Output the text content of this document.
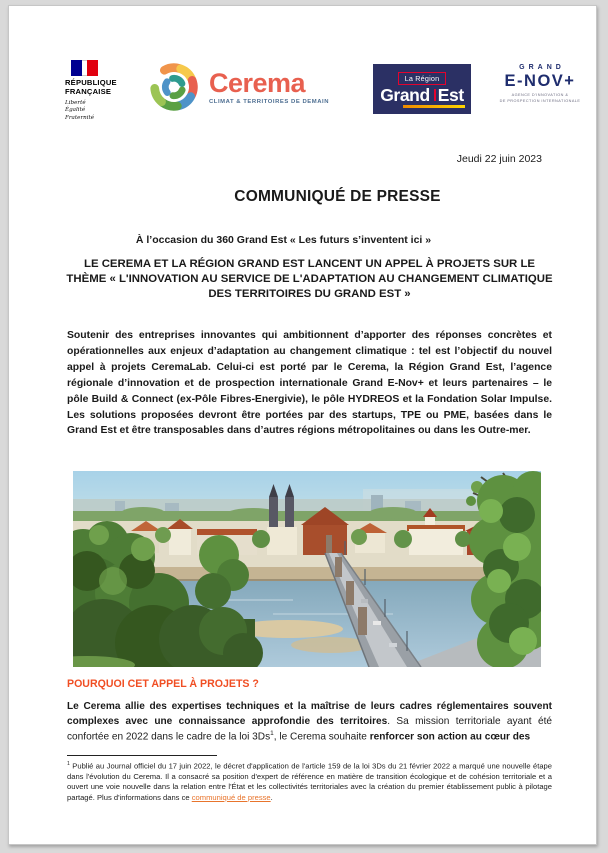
RÉPUBLIQUE
FRANÇAISE
Liberté
Égalité
Fraternité
Cerema
CLIMAT & TERRITOIRES DE DEMAIN
La Région
Grand Est
GRAND
E-NOV+
AGENCE D'INNOVATION &
DE PROSPECTION INTERNATIONALE
Jeudi 22 juin 2023
COMMUNIQUÉ DE PRESSE
À l’occasion du 360 Grand Est « Les futurs s’inventent ici »
LE CEREMA ET LA RÉGION GRAND EST LANCENT UN APPEL À PROJETS SUR LE THÈME « L'INNOVATION AU SERVICE DE L'ADAPTATION AU CHANGEMENT CLIMATIQUE DES TERRITOIRES DU GRAND EST »

Soutenir des entreprises innovantes qui ambitionnent d’apporter des réponses concrètes et opérationnelles aux enjeux d’adaptation au changement climatique : tel est l’objectif du nouvel appel à projets CeremaLab. Celui-ci est porté par le Cerema, la Région Grand Est, l’agence régionale d’innovation et de prospection internationale Grand E-Nov+ et leurs partenaires – le pôle Build & Connect (ex-Pôle Fibres-Energivie), le pôle HYDREOS et la Fondation Solar Impulse. Les solutions proposées devront être portées par des startups, TPE ou PME, basées dans le Grand Est et être transposables dans d’autres régions métropolitaines ou dans les Outre-mer.

POURQUOI CET APPEL À PROJETS ?

Le Cerema allie des expertises techniques et la maîtrise de leurs cadres réglementaires souvent complexes avec une connaissance approfondie des territoires. Sa mission territoriale ayant été confortée en 2022 dans le cadre de la loi 3Ds$^1$, le Cerema souhaite renforcer son action au cœur des

$^1$ Publié au Journal officiel du 17 juin 2022, le décret d'application de l'article 159 de la loi 3Ds du 21 février 2022 a marqué une nouvelle étape dans l'évolution du Cerema. Il a consacré sa position d'expert de référence en matière de transition écologique et de cohésion territoriale et a ouvert une voie nouvelle dans la relation entre l'État et les collectivités territoriales avec la création du premier établissement public à pilotage partagé. Plus d'informations dans ce communiqué de presse.
